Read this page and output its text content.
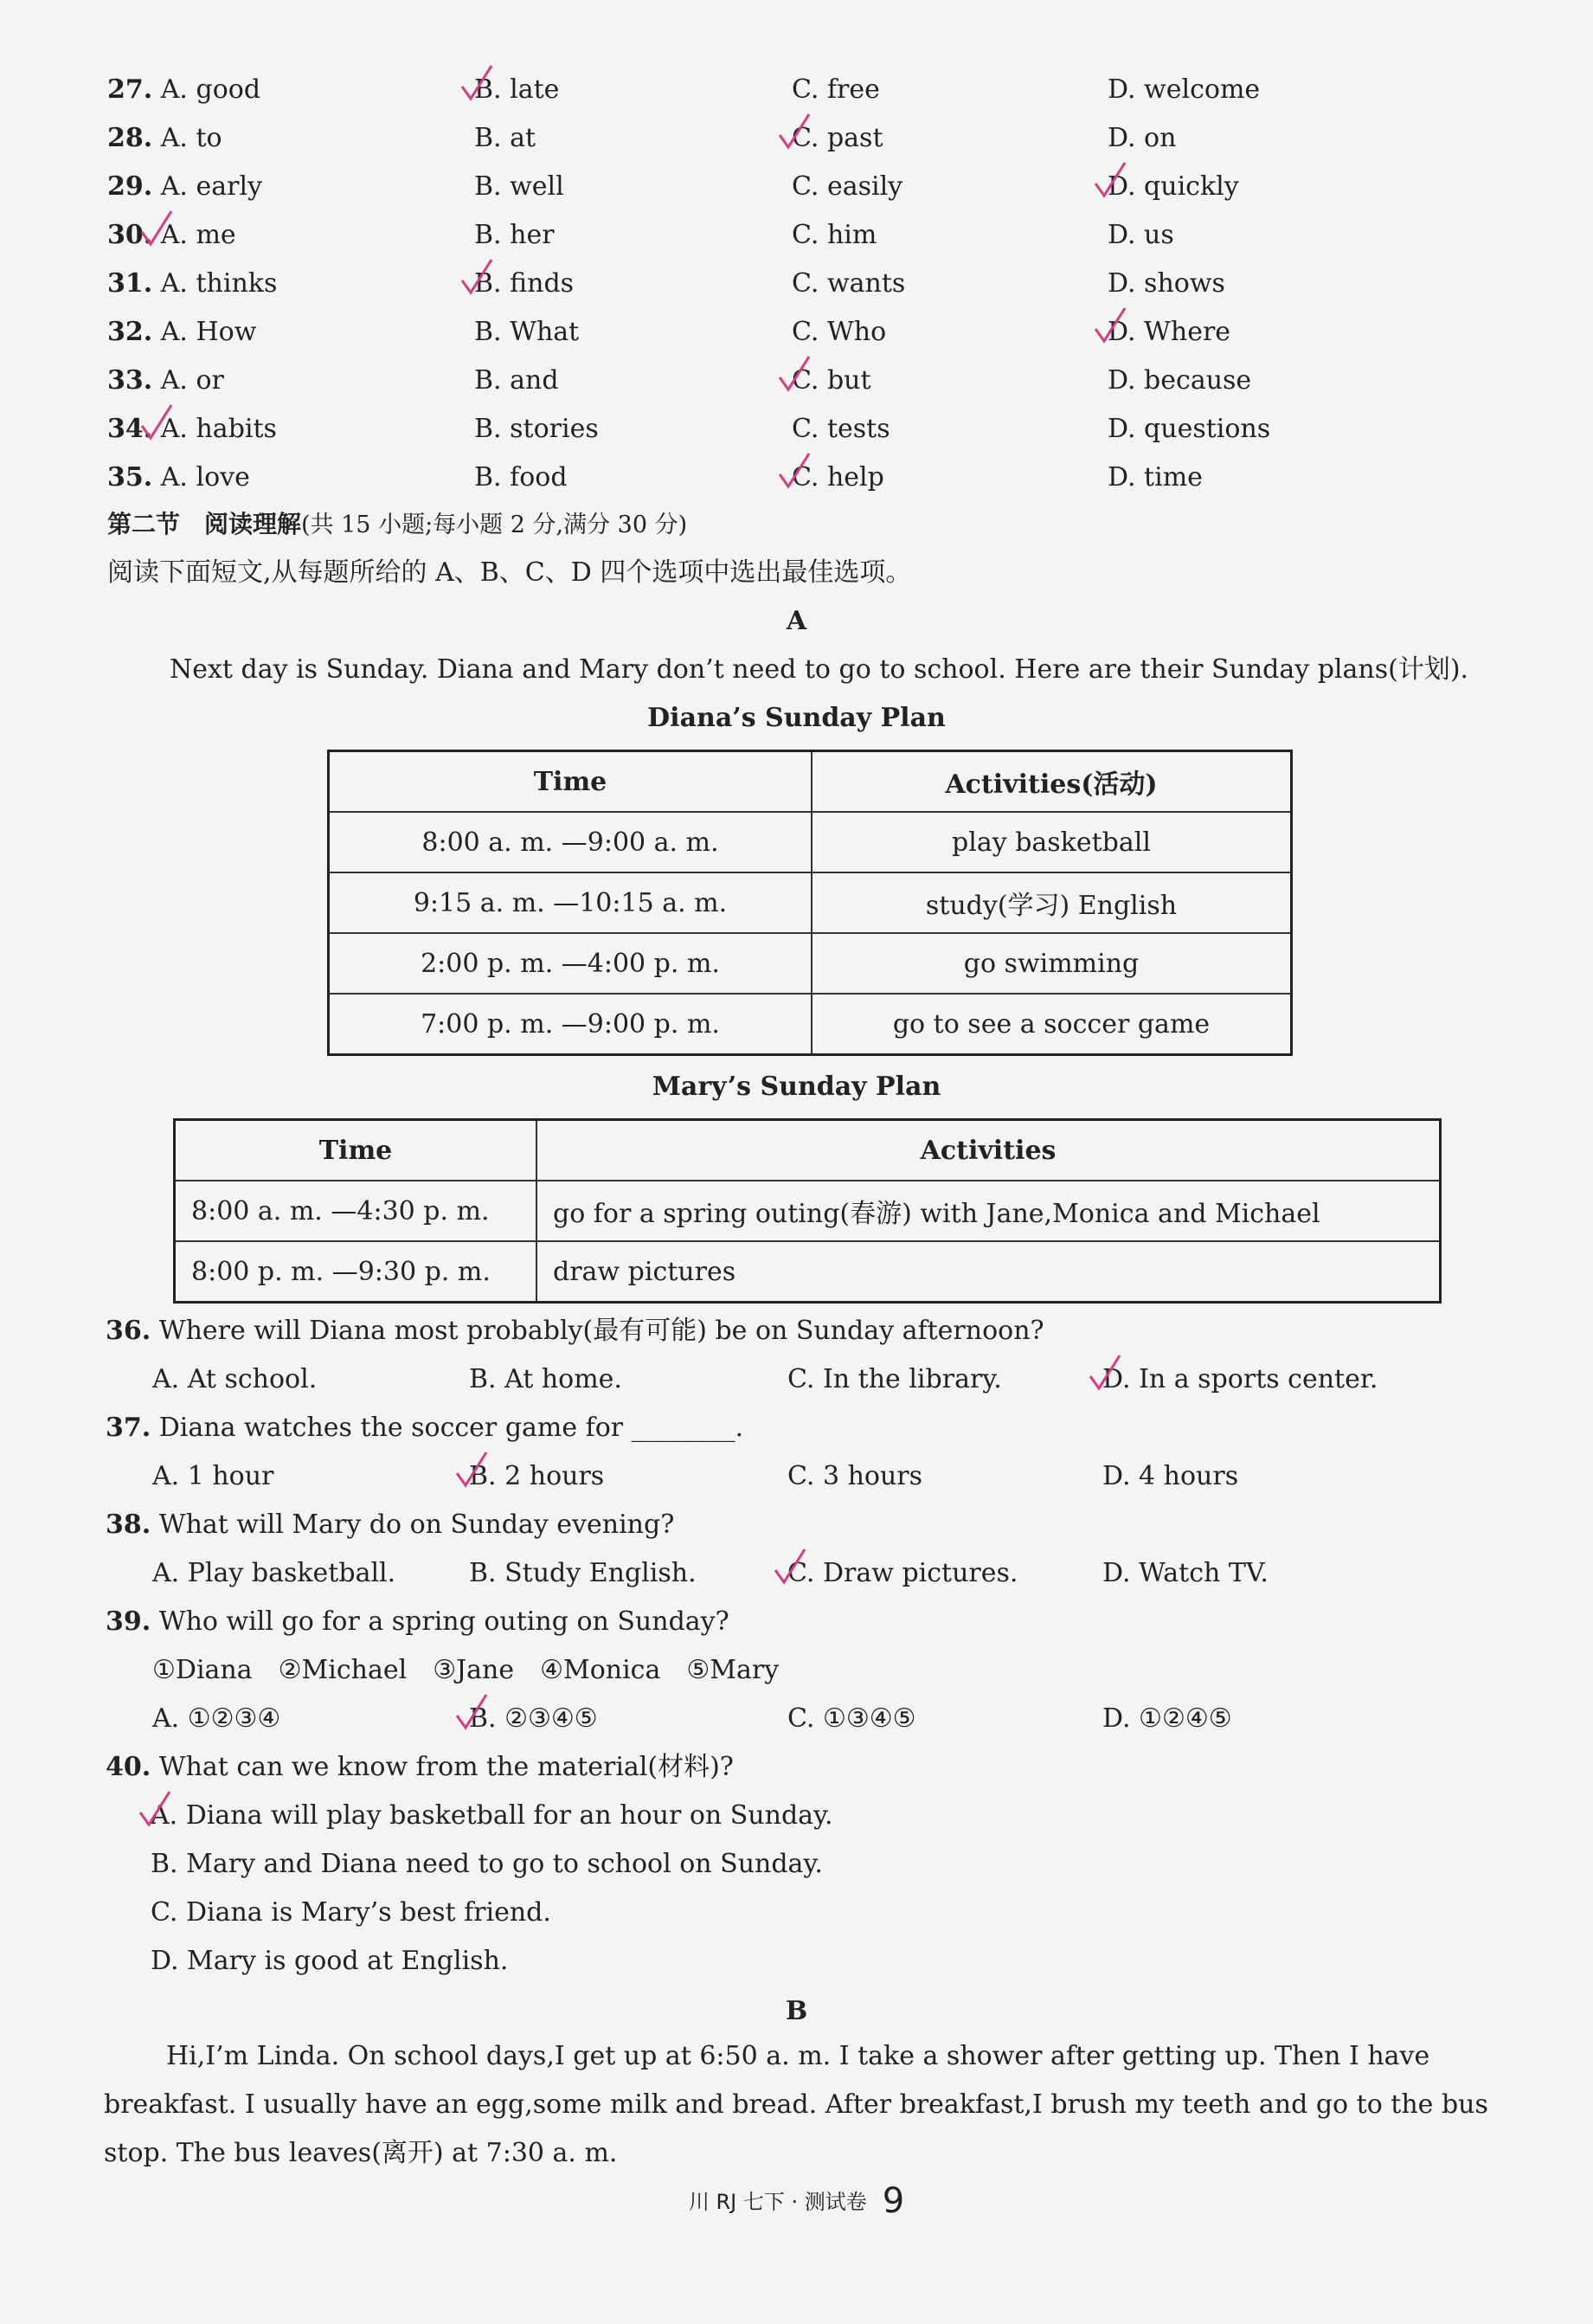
27. A. good	B. late	C. free	D. welcome
28. A. to	B. at	C. past	D. on
29. A. early	B. well	C. easily	D. quickly
30. A. me	B. her	C. him	D. us
31. A. thinks	B. finds	C. wants	D. shows
32. A. How	B. What	C. Who	D. Where
33. A. or	B. and	C. but	D. because
34. A. habits	B. stories	C. tests	D. questions
35. A. love	B. food	C. help	D. time
第二节　阅读理解(共 15 小题;每小题 2 分,满分 30 分)
阅读下面短文,从每题所给的 A、B、C、D 四个选项中选出最佳选项。
A
Next day is Sunday. Diana and Mary don’t need to go to school. Here are their Sunday plans(计划).
Diana’s Sunday Plan
Time	Activities(活动)
8:00 a. m. —9:00 a. m.	play basketball
9:15 a. m. —10:15 a. m.	study(学习) English
2:00 p. m. —4:00 p. m.	go swimming
7:00 p. m. —9:00 p. m.	go to see a soccer game
Mary’s Sunday Plan
Time	Activities
8:00 a. m. —4:30 p. m.	go for a spring outing(春游) with Jane,Monica and Michael
8:00 p. m. —9:30 p. m.	draw pictures
36. Where will Diana most probably(最有可能) be on Sunday afternoon?
A. At school.	B. At home.	C. In the library.	D. In a sports center.
37. Diana watches the soccer game for ________.
A. 1 hour	B. 2 hours	C. 3 hours	D. 4 hours
38. What will Mary do on Sunday evening?
A. Play basketball.	B. Study English.	C. Draw pictures.	D. Watch TV.
39. Who will go for a spring outing on Sunday?
①Diana　②Michael　③Jane　④Monica　⑤Mary
A. ①②③④	B. ②③④⑤	C. ①③④⑤	D. ①②④⑤
40. What can we know from the material(材料)?
A. Diana will play basketball for an hour on Sunday.
B. Mary and Diana need to go to school on Sunday.
C. Diana is Mary’s best friend.
D. Mary is good at English.
B
Hi,I’m Linda. On school days,I get up at 6:50 a. m. I take a shower after getting up. Then I have
breakfast. I usually have an egg,some milk and bread. After breakfast,I brush my teeth and go to the bus
stop. The bus leaves(离开) at 7:30 a. m.
川 RJ 七下 · 测试卷 9
